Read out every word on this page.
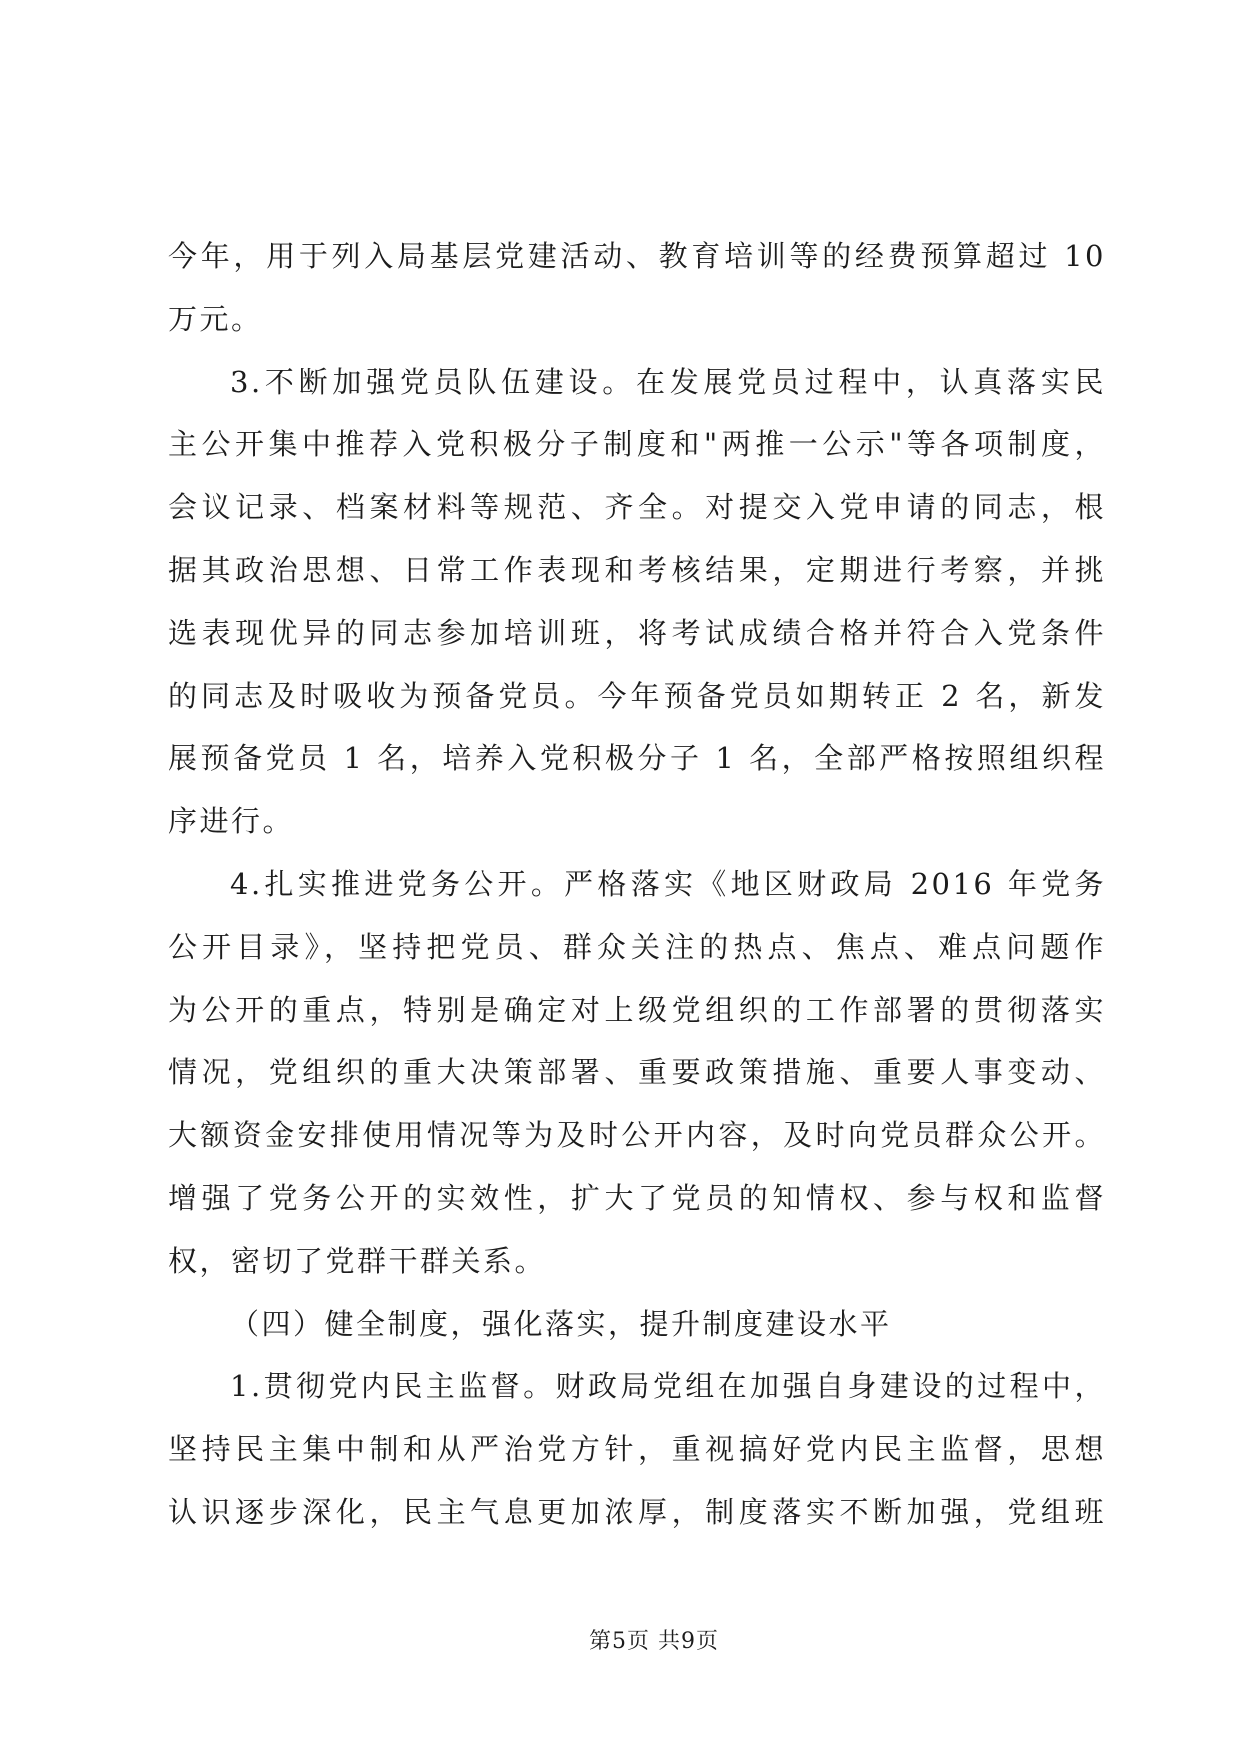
今年，用于列入局基层党建活动、教育培训等的经费预算超过 10
万元。
3.不断加强党员队伍建设。在发展党员过程中，认真落实民
主公开集中推荐入党积极分子制度和"两推一公示"等各项制度，
会议记录、档案材料等规范、齐全。对提交入党申请的同志，根
据其政治思想、日常工作表现和考核结果，定期进行考察，并挑
选表现优异的同志参加培训班，将考试成绩合格并符合入党条件
的同志及时吸收为预备党员。今年预备党员如期转正 2 名，新发
展预备党员 1 名，培养入党积极分子 1 名，全部严格按照组织程
序进行。
4.扎实推进党务公开。严格落实《地区财政局 2016 年党务
公开目录》，坚持把党员、群众关注的热点、焦点、难点问题作
为公开的重点，特别是确定对上级党组织的工作部署的贯彻落实
情况，党组织的重大决策部署、重要政策措施、重要人事变动、
大额资金安排使用情况等为及时公开内容，及时向党员群众公开。
增强了党务公开的实效性，扩大了党员的知情权、参与权和监督
权，密切了党群干群关系。
（四）健全制度，强化落实，提升制度建设水平
1.贯彻党内民主监督。财政局党组在加强自身建设的过程中，
坚持民主集中制和从严治党方针，重视搞好党内民主监督，思想
认识逐步深化，民主气息更加浓厚，制度落实不断加强，党组班
第5页 共9页
